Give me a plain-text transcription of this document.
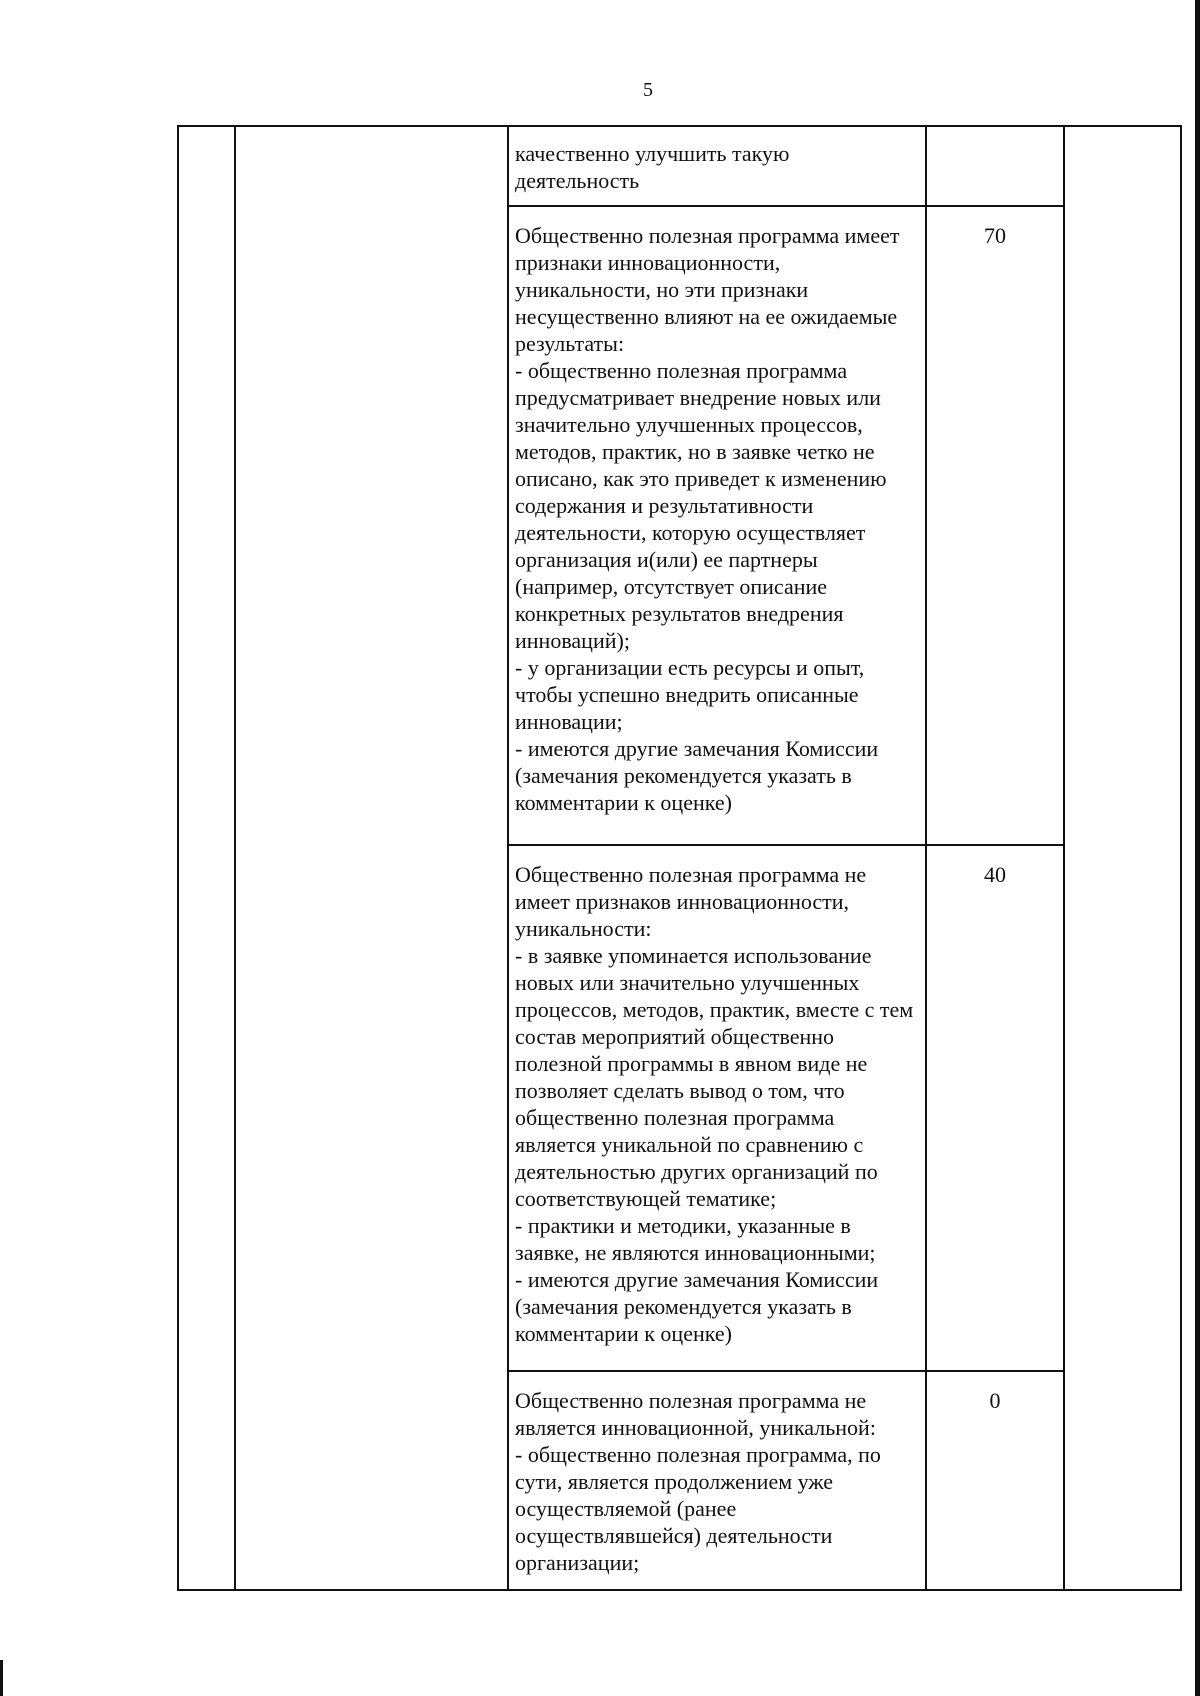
5

		качественно улучшить такую деятельность		

		Общественно полезная программа имеет признаки инновационности, уникальности, но эти признаки несущественно влияют на ее ожидаемые результаты:

- общественно полезная программа предусматривает внедрение новых или значительно улучшенных процессов, методов, практик, но в заявке четко не описано, как это приведет к изменению содержания и результативности деятельности, которую осуществляет организация и(или) ее партнеры (например, отсутствует описание конкретных результатов внедрения инноваций);

- у организации есть ресурсы и опыт, чтобы успешно внедрить описанные инновации;

- имеются другие замечания Комиссии (замечания рекомендуется указать в комментарии к оценке)	70	

		Общественно полезная программа не имеет признаков инновационности, уникальности:

- в заявке упоминается использование новых или значительно улучшенных процессов, методов, практик, вместе с тем состав мероприятий общественно полезной программы в явном виде не позволяет сделать вывод о том, что общественно полезная программа является уникальной по сравнению с деятельностью других организаций по соответствующей тематике;

- практики и методики, указанные в заявке, не являются инновационными;

- имеются другие замечания Комиссии (замечания рекомендуется указать в комментарии к оценке)	40	

		Общественно полезная программа не является инновационной, уникальной:

- общественно полезная программа, по сути, является продолжением уже осуществляемой (ранее осуществлявшейся) деятельности организации;	0	
